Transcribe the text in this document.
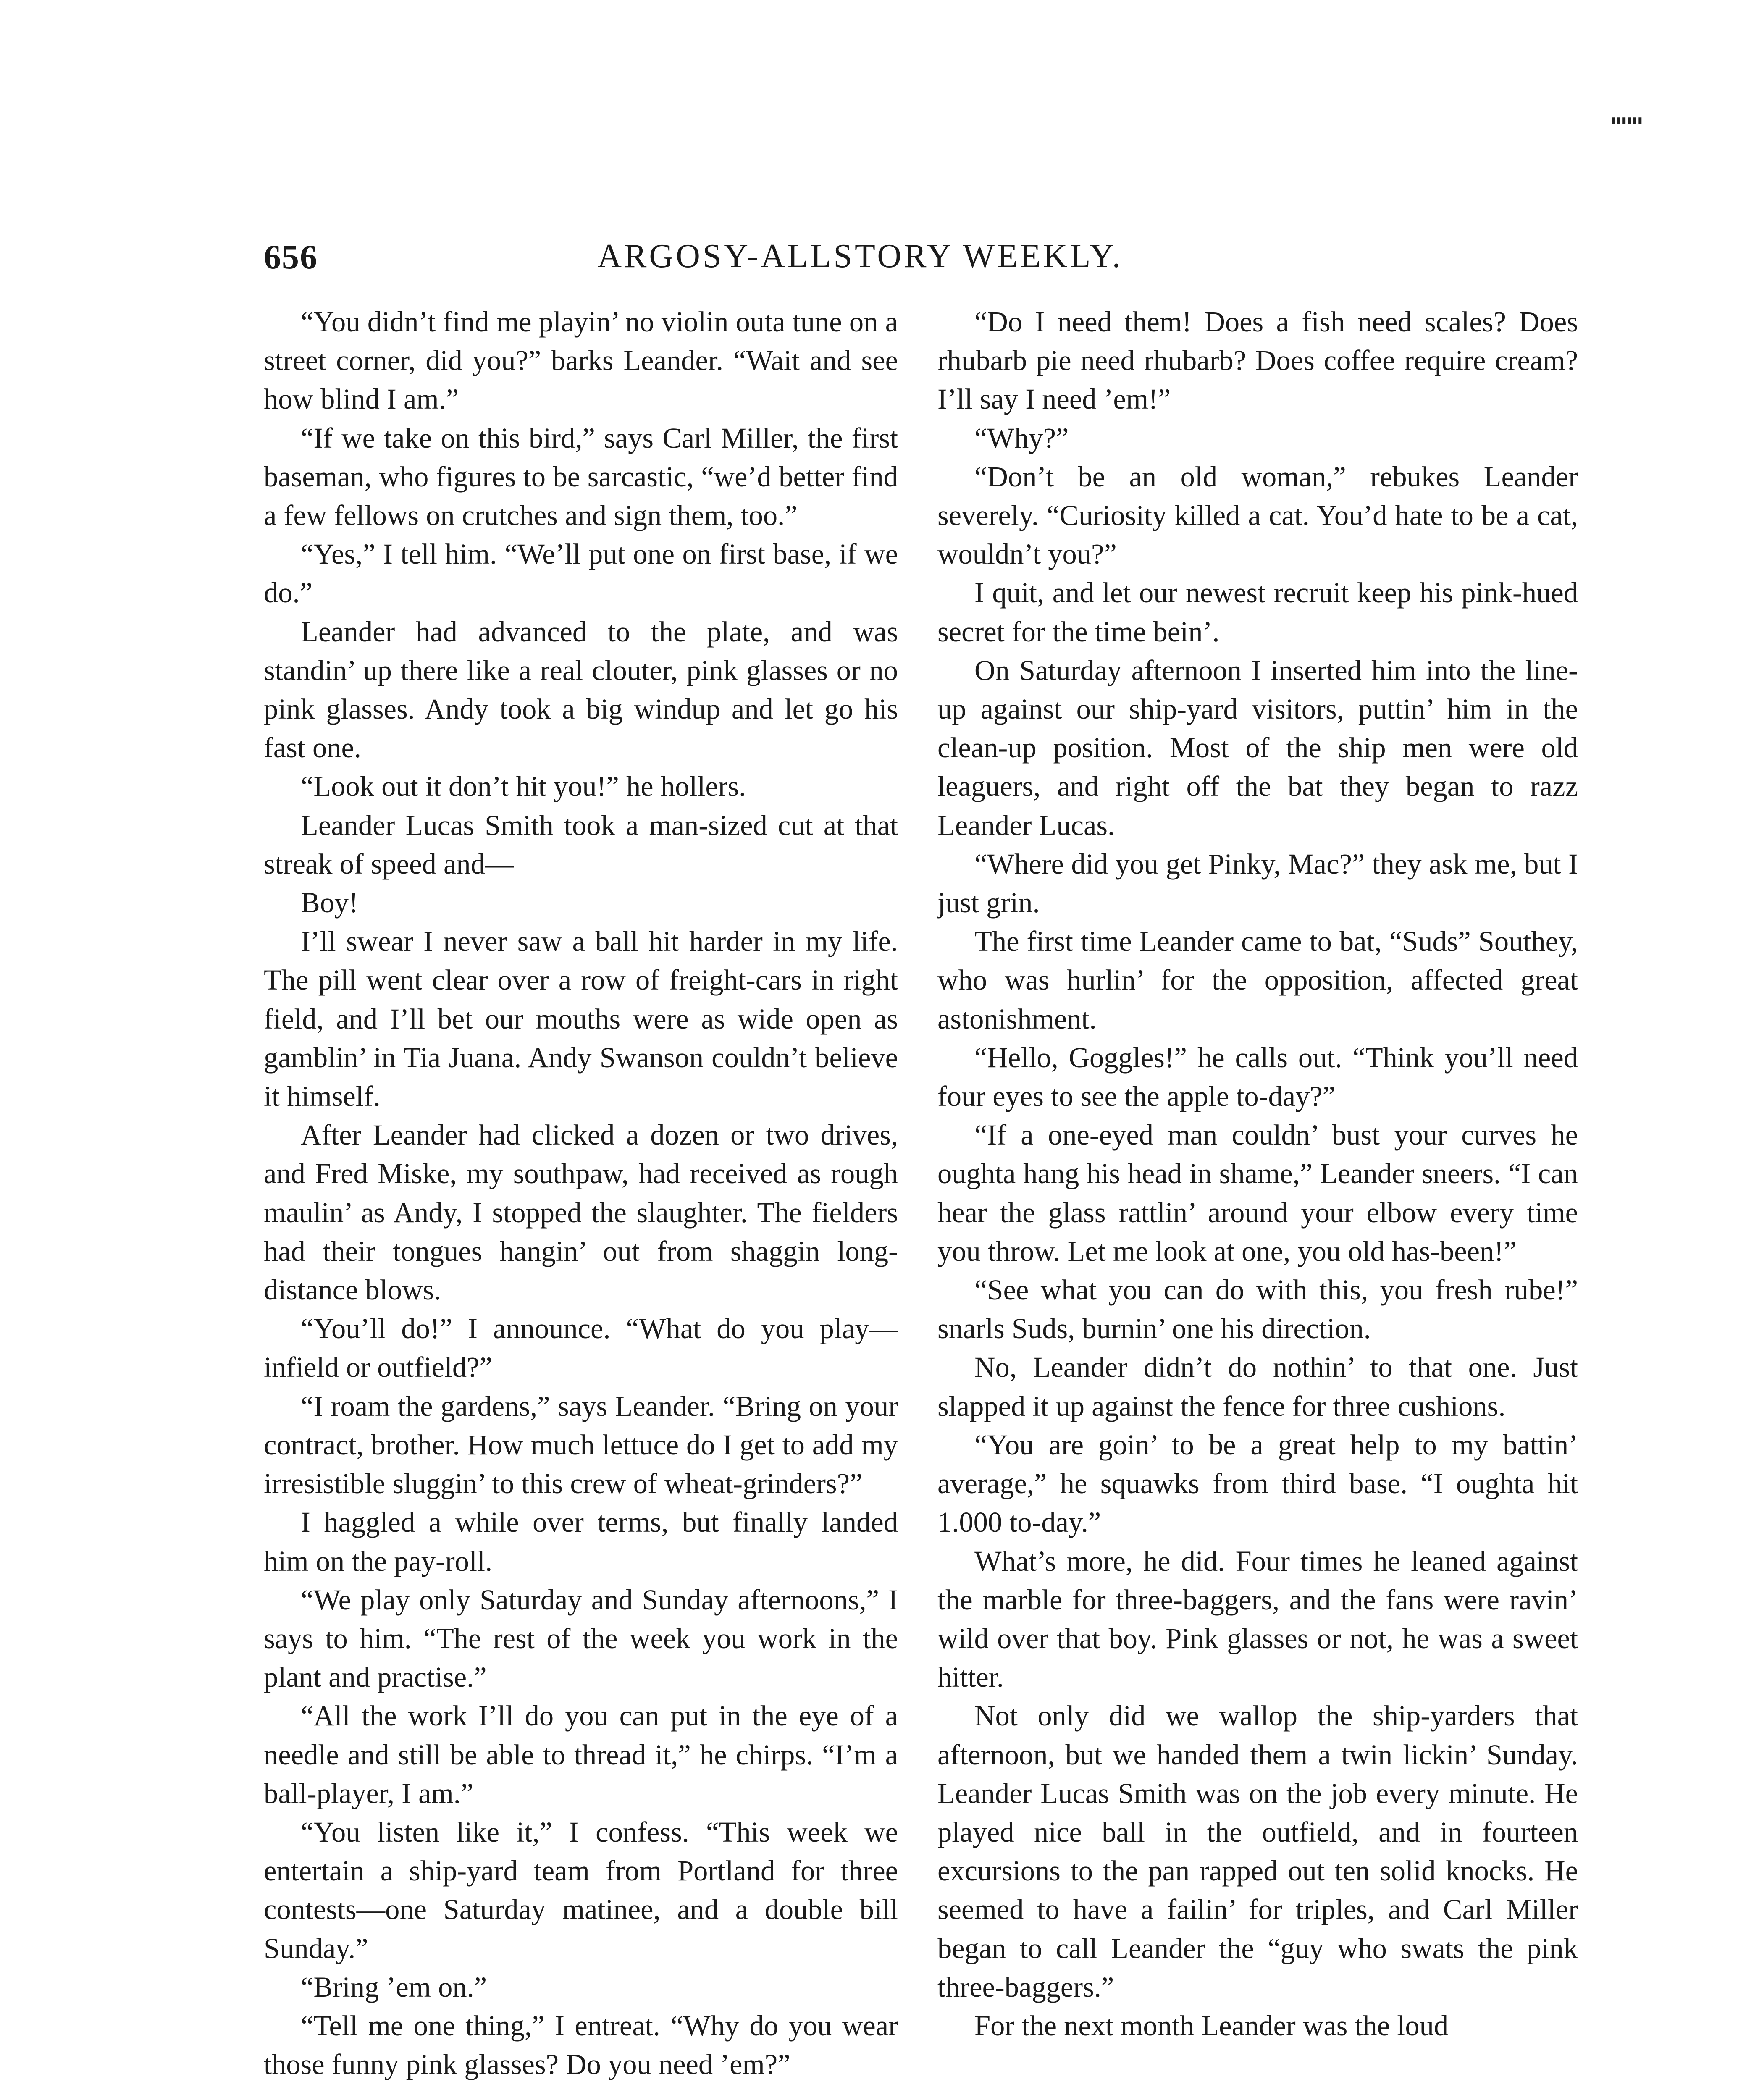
"""
656	ARGOSY-ALLSTORY WEEKLY.

“You didn’t find me playin’ no violin outa tune on a street corner, did you?” barks Leander. “Wait and see how blind I am.”

“If we take on this bird,” says Carl Miller, the first baseman, who figures to be sarcastic, “we’d better find a few fellows on crutches and sign them, too.”

“Yes,” I tell him. “We’ll put one on first base, if we do.”

Leander had advanced to the plate, and was standin’ up there like a real clouter, pink glasses or no pink glasses. Andy took a big windup and let go his fast one.

“Look out it don’t hit you!” he hollers.

Leander Lucas Smith took a man-sized cut at that streak of speed and—

Boy!

I’ll swear I never saw a ball hit harder in my life. The pill went clear over a row of freight-cars in right field, and I’ll bet our mouths were as wide open as gamblin’ in Tia Juana. Andy Swanson couldn’t believe it himself.

After Leander had clicked a dozen or two drives, and Fred Miske, my southpaw, had received as rough maulin’ as Andy, I stopped the slaughter. The fielders had their tongues hangin’ out from shaggin long-distance blows.

“You’ll do!” I announce. “What do you play—infield or outfield?”

“I roam the gardens,” says Leander. “Bring on your contract, brother. How much lettuce do I get to add my irresistible sluggin’ to this crew of wheat-grinders?”

I haggled a while over terms, but finally landed him on the pay-roll.

“We play only Saturday and Sunday afternoons,” I says to him. “The rest of the week you work in the plant and practise.”

“All the work I’ll do you can put in the eye of a needle and still be able to thread it,” he chirps. “I’m a ball-player, I am.”

“You listen like it,” I confess. “This week we entertain a ship-yard team from Portland for three contests—one Saturday matinee, and a double bill Sunday.”

“Bring ’em on.”

“Tell me one thing,” I entreat. “Why do you wear those funny pink glasses? Do you need ’em?”

“Do I need them! Does a fish need scales? Does rhubarb pie need rhubarb? Does coffee require cream? I’ll say I need ’em!”

“Why?”

“Don’t be an old woman,” rebukes Leander severely. “Curiosity killed a cat. You’d hate to be a cat, wouldn’t you?”

I quit, and let our newest recruit keep his pink-hued secret for the time bein’.

On Saturday afternoon I inserted him into the line-up against our ship-yard visitors, puttin’ him in the clean-up position. Most of the ship men were old leaguers, and right off the bat they began to razz Leander Lucas.

“Where did you get Pinky, Mac?” they ask me, but I just grin.

The first time Leander came to bat, “Suds” Southey, who was hurlin’ for the opposition, affected great astonishment.

“Hello, Goggles!” he calls out. “Think you’ll need four eyes to see the apple to-day?”

“If a one-eyed man couldn’ bust your curves he oughta hang his head in shame,” Leander sneers. “I can hear the glass rattlin’ around your elbow every time you throw. Let me look at one, you old has-been!”

“See what you can do with this, you fresh rube!” snarls Suds, burnin’ one his direction.

No, Leander didn’t do nothin’ to that one. Just slapped it up against the fence for three cushions.

“You are goin’ to be a great help to my battin’ average,” he squawks from third base. “I oughta hit 1.000 to-day.”

What’s more, he did. Four times he leaned against the marble for three-baggers, and the fans were ravin’ wild over that boy. Pink glasses or not, he was a sweet hitter.

Not only did we wallop the ship-yarders that afternoon, but we handed them a twin lickin’ Sunday. Leander Lucas Smith was on the job every minute. He played nice ball in the outfield, and in fourteen excursions to the pan rapped out ten solid knocks. He seemed to have a failin’ for triples, and Carl Miller began to call Leander the “guy who swats the pink three-baggers.”

For the next month Leander was the loud
